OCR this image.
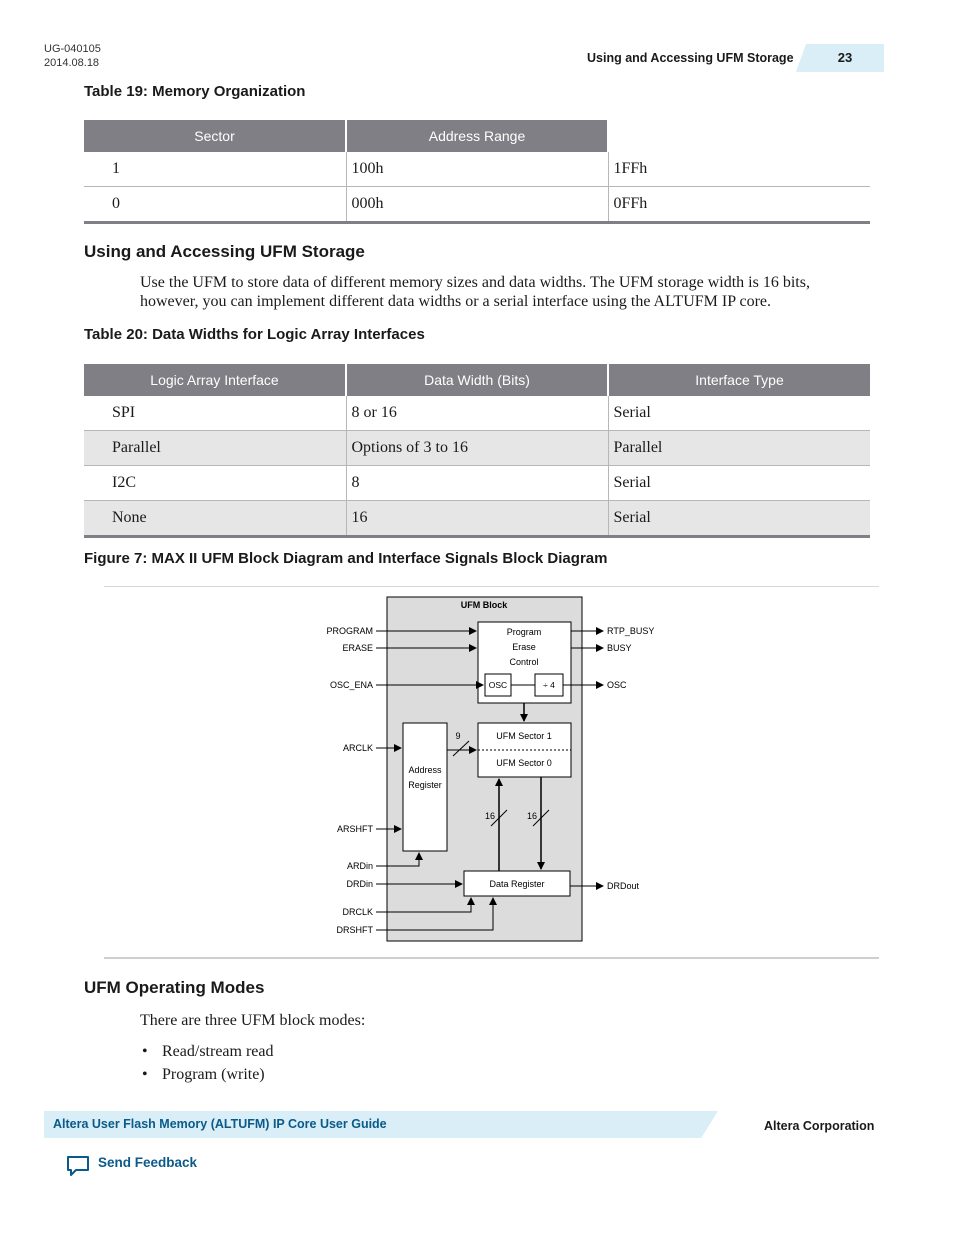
UG-040105
2014.08.18	Using and Accessing UFM Storage	23
Table 19: Memory Organization
Sector	Address Range	
1	100h	1FFh
0	000h	0FFh
Using and Accessing UFM Storage
Use the UFM to store data of different memory sizes and data widths. The UFM storage width is 16 bits,
however, you can implement different data widths or a serial interface using the ALTUFM IP core.
Table 20: Data Widths for Logic Array Interfaces
Logic Array Interface	Data Width (Bits)	Interface Type
SPI	8 or 16	Serial
Parallel	Options of 3 to 16	Parallel
I2C	8	Serial
None	16	Serial
Figure 7: MAX II UFM Block Diagram and Interface Signals Block Diagram
UFM Block
Program
Erase
Control
OSC	÷ 4
UFM Sector 1
UFM Sector 0
Address
Register
Data Register
9
16	16
PROGRAM
ERASE
OSC_ENA
ARCLK
ARSHFT
ARDin
DRDin
DRCLK
DRSHFT
RTP_BUSY
BUSY
OSC
DRDout
UFM Operating Modes
There are three UFM block modes:
• Read/stream read
• Program (write)
Altera User Flash Memory (ALTUFM) IP Core User Guide	Altera Corporation
Send Feedback
